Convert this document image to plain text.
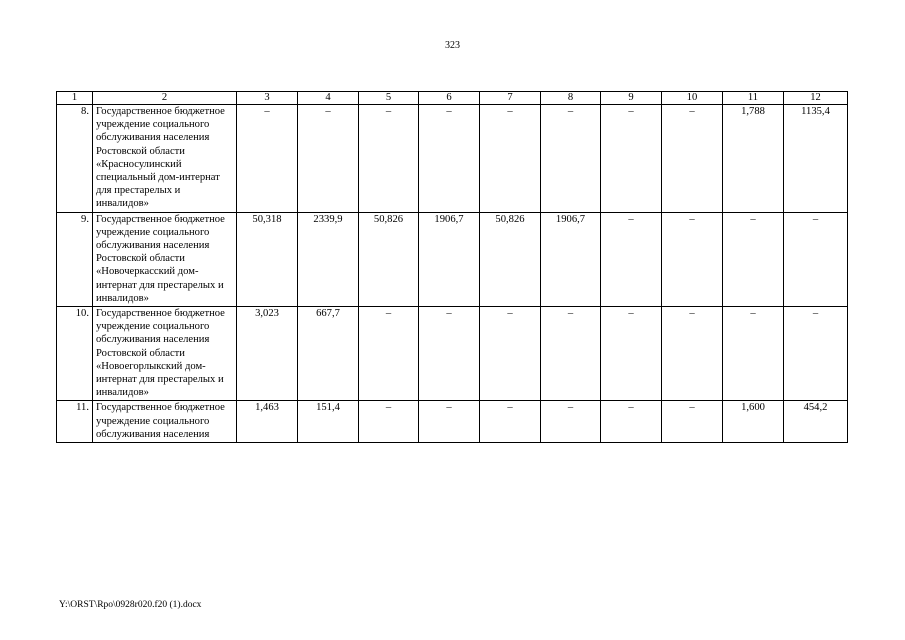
323
1	2	3	4	5	6	7	8	9	10	11	12
8.	Государственное бюджетное учреждение социального обслуживания населения Ростовской области «Красносулинский специальный дом-интернат для престарелых и инвалидов»	–	–	–	–	–	–	–	–	1,788	1135,4
9.	Государственное бюджетное учреждение социального обслуживания населения Ростовской области «Новочеркасский дом-интернат для престарелых и инвалидов»	50,318	2339,9	50,826	1906,7	50,826	1906,7	–	–	–	–
10.	Государственное бюджетное учреждение социального обслуживания населения Ростовской области «Новоегорлыкский дом-интернат для престарелых и инвалидов»	3,023	667,7	–	–	–	–	–	–	–	–
11.	Государственное бюджетное учреждение социального обслуживания населения	1,463	151,4	–	–	–	–	–	–	1,600	454,2
Y:\ORST\Rpo\0928r020.f20 (1).docx
